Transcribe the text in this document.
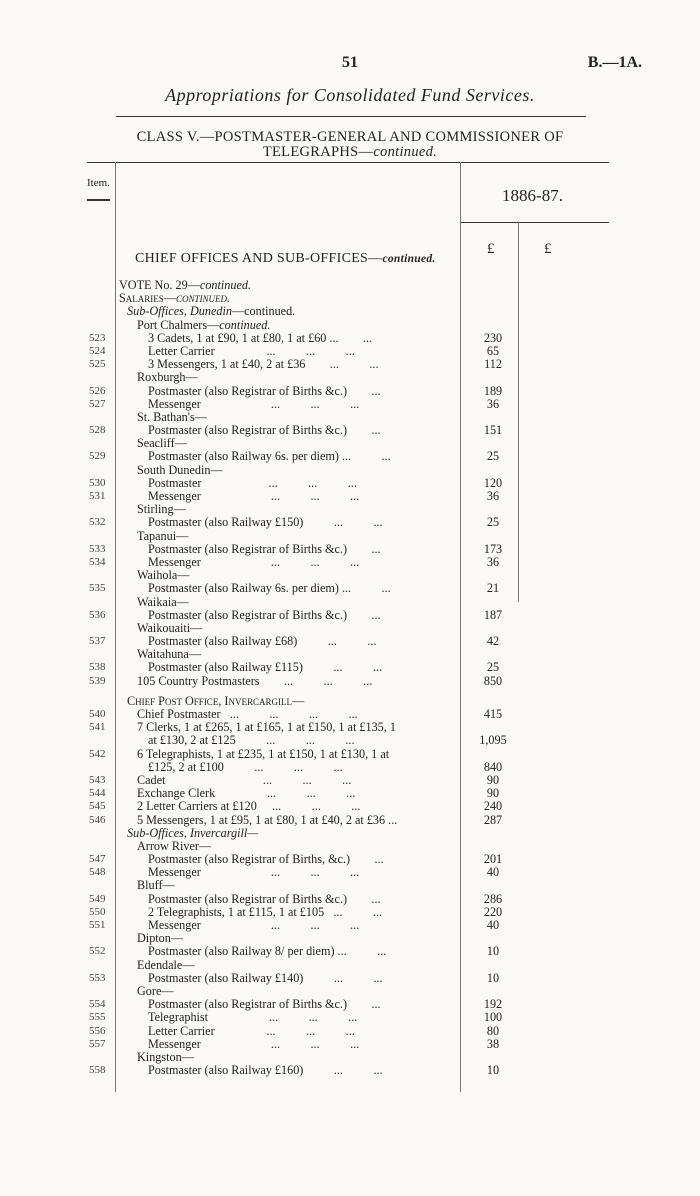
51	B.—1A.
Appropriations for Consolidated Fund Services.
CLASS V.—POSTMASTER-GENERAL AND COMMISSIONER OF
TELEGRAPHS—continued.
Item.
1886-87.
£	£
CHIEF OFFICES AND SUB-OFFICES—continued.
VOTE No. 29—continued.
Salaries—continued.
Sub-Offices, Dunedin—continued.
Port Chalmers—continued.
523	3 Cadets, 1 at £90, 1 at £80, 1 at £60 ...        ...	230
524	Letter Carrier                 ...          ...          ...	65
525	3 Messengers, 1 at £40, 2 at £36        ...          ...	112
Roxburgh—
526	Postmaster (also Registrar of Births &c.)        ...	189
527	Messenger                       ...          ...          ...	36
St. Bathan's—
528	Postmaster (also Registrar of Births &c.)        ...	151
Seacliff—
529	Postmaster (also Railway 6s. per diem) ...          ...	25
South Dunedin—
530	Postmaster                      ...          ...          ...	120
531	Messenger                       ...          ...          ...	36
Stirling—
532	Postmaster (also Railway £150)          ...          ...	25
Tapanui—
533	Postmaster (also Registrar of Births &c.)        ...	173
534	Messenger                       ...          ...          ...	36
Waihola—
535	Postmaster (also Railway 6s. per diem) ...          ...	21
Waikaia—
536	Postmaster (also Registrar of Births &c.)        ...	187
Waikouaiti—
537	Postmaster (also Railway £68)          ...          ...	42
Waitahuna—
538	Postmaster (also Railway £115)          ...          ...	25
539	105 Country Postmasters        ...          ...          ...	850
Chief Post Office, Invercargill—
540	Chief Postmaster   ...          ...          ...          ...	415
541	7 Clerks, 1 at £265, 1 at £165, 1 at £150, 1 at £135, 1
at £130, 2 at £125          ...          ...          ...	1,095
542	6 Telegraphists, 1 at £235, 1 at £150, 1 at £130, 1 at
£125, 2 at £100          ...          ...          ...	840
543	Cadet                                ...          ...          ...	90
544	Exchange Clerk                 ...          ...          ...	90
545	2 Letter Carriers at £120     ...          ...          ...	240
546	5 Messengers, 1 at £95, 1 at £80, 1 at £40, 2 at £36 ...	287
Sub-Offices, Invercargill—
Arrow River—
547	Postmaster (also Registrar of Births, &c.)        ...	201
548	Messenger                       ...          ...          ...	40
Bluff—
549	Postmaster (also Registrar of Births &c.)        ...	286
550	2 Telegraphists, 1 at £115, 1 at £105   ...          ...	220
551	Messenger                       ...          ...          ...	40
Dipton—
552	Postmaster (also Railway 8/ per diem) ...          ...	10
Edendale—
553	Postmaster (also Railway £140)          ...          ...	10
Gore—
554	Postmaster (also Registrar of Births &c.)        ...	192
555	Telegraphist                    ...          ...          ...	100
556	Letter Carrier                 ...          ...          ...	80
557	Messenger                       ...          ...          ...	38
Kingston—
558	Postmaster (also Railway £160)          ...          ...	10
